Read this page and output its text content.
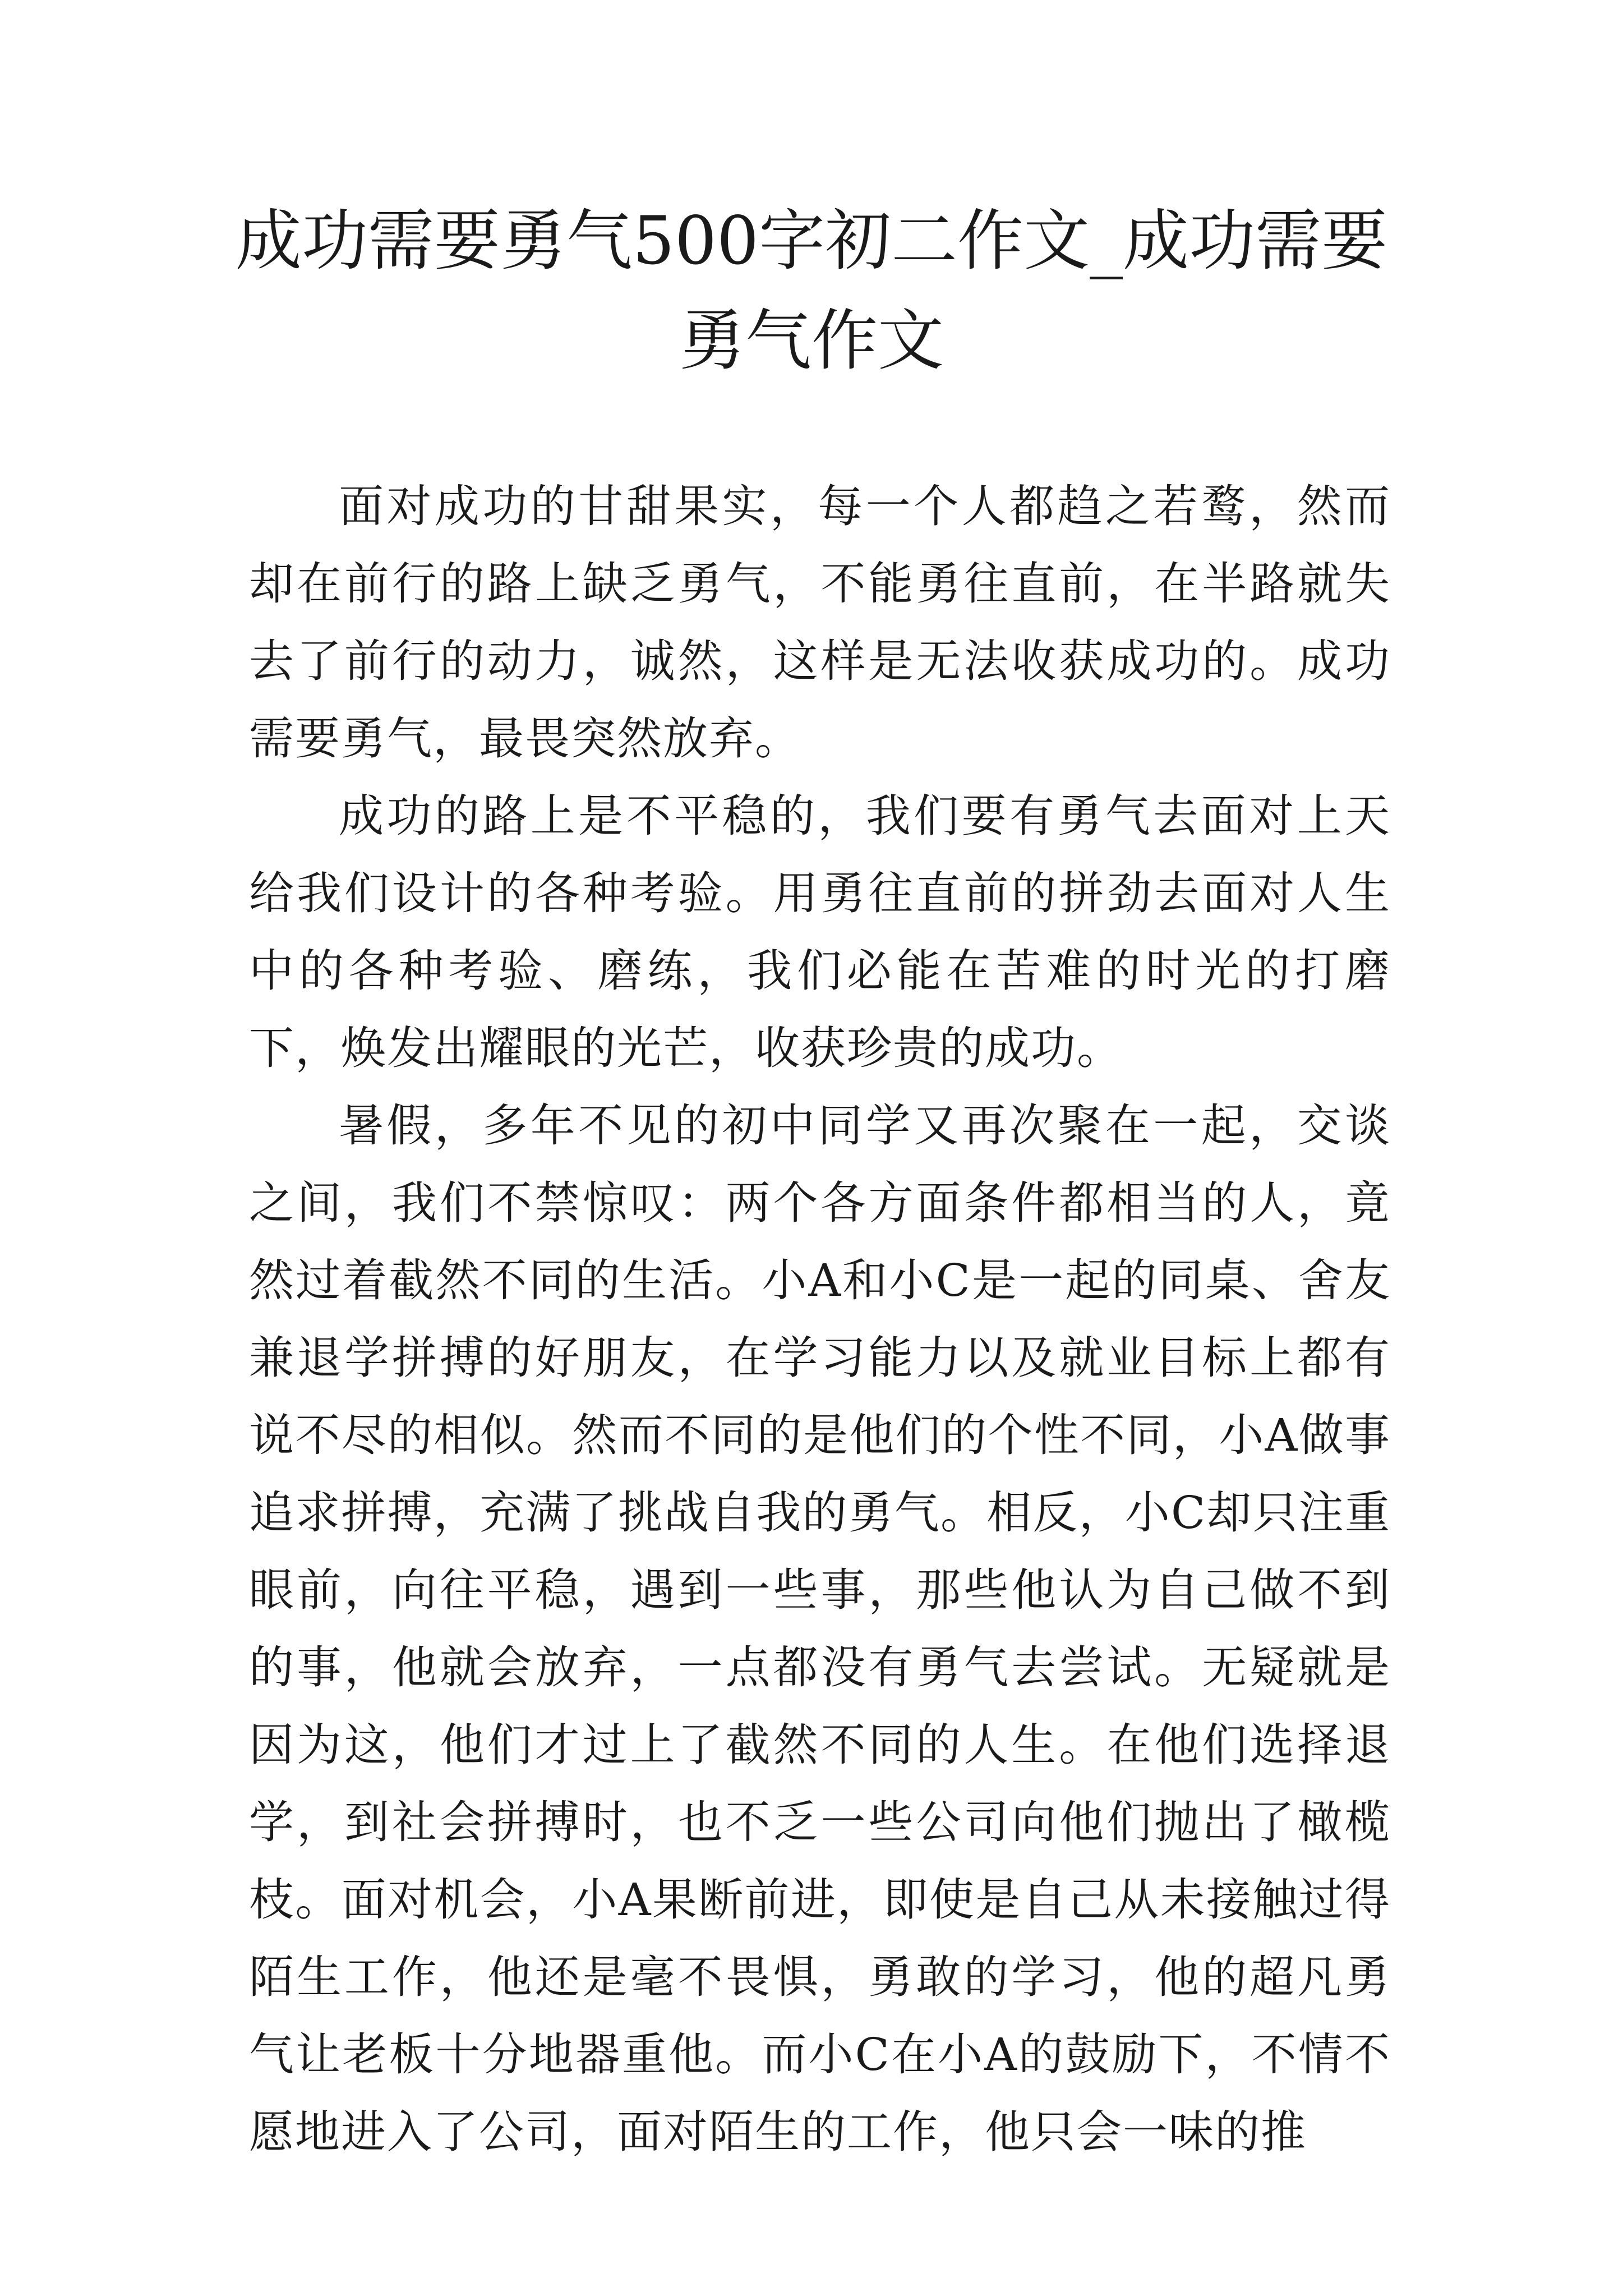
成功需要勇气500字初二作文_成功需要勇气作文

面对成功的甘甜果实，每一个人都趋之若鹜，然而却在前行的路上缺乏勇气，不能勇往直前，在半路就失去了前行的动力，诚然，这样是无法收获成功的。成功需要勇气，最畏突然放弃。

成功的路上是不平稳的，我们要有勇气去面对上天给我们设计的各种考验。用勇往直前的拼劲去面对人生中的各种考验、磨练，我们必能在苦难的时光的打磨下，焕发出耀眼的光芒，收获珍贵的成功。

暑假，多年不见的初中同学又再次聚在一起，交谈之间，我们不禁惊叹：两个各方面条件都相当的人，竟然过着截然不同的生活。小A和小C是一起的同桌、舍友兼退学拼搏的好朋友，在学习能力以及就业目标上都有说不尽的相似。然而不同的是他们的个性不同，小A做事追求拼搏，充满了挑战自我的勇气。相反，小C却只注重眼前，向往平稳，遇到一些事，那些他认为自己做不到的事，他就会放弃，一点都没有勇气去尝试。无疑就是因为这，他们才过上了截然不同的人生。在他们选择退学，到社会拼搏时，也不乏一些公司向他们抛出了橄榄枝。面对机会，小A果断前进，即使是自己从未接触过得陌生工作，他还是毫不畏惧，勇敢的学习，他的超凡勇气让老板十分地器重他。而小C在小A的鼓励下，不情不愿地进入了公司，面对陌生的工作，他只会一味的推
